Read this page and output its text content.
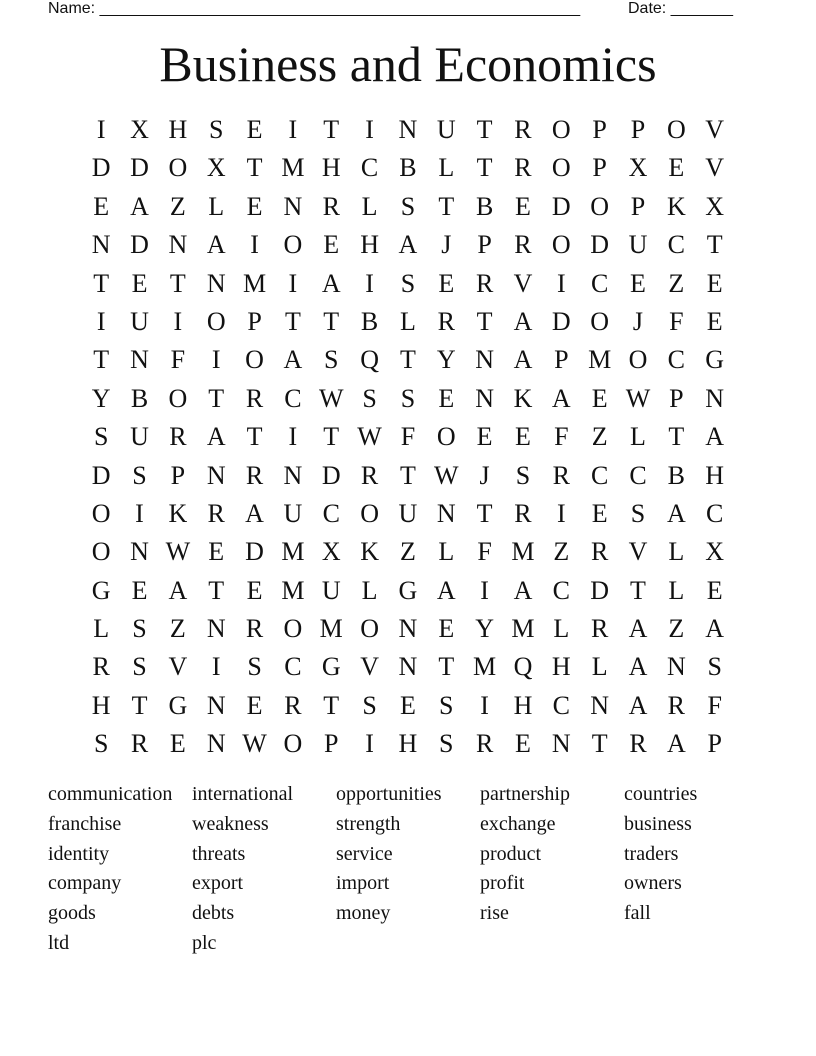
Name: ______________________________________________________	Date: _______
Business and Economics
I X H S E	I	T	I N U T R O P P O V
D D O X T M H C B L T R O P X E V
E A Z L E N R L S T B E D O P K X
N D N A I O E H A J	P R O D U C T
T E T N M I A I	S E R V I C E Z E
I U I O P T T B L R T A D O J	F E
T N F	I O A S Q T Y N A P M O C G
Y B O T R C W S S E N K A E W P N
S U R A T	I	T W F O E E F Z L T A
D S P N R N D R T W J	S R C C B H
O I K R A U C O U N T R I	E S A C
O N W E D M X K Z L F M Z R V L X
G E A T E M U L G A I A C D T L E
L S Z N R O M O N E Y M L R A Z A
R S V I	S C G V N T M Q H L A N S
H T G N E R T S E S	I H C N A R F
S R E N W O P	I H S R E N T R A P
communication international	opportunities	partnership	countries
franchise	weakness	strength	exchange	business
identity	threats	service	product	traders
company	export	import	profit	owners
goods	debts	money	rise	fall
ltd	plc
